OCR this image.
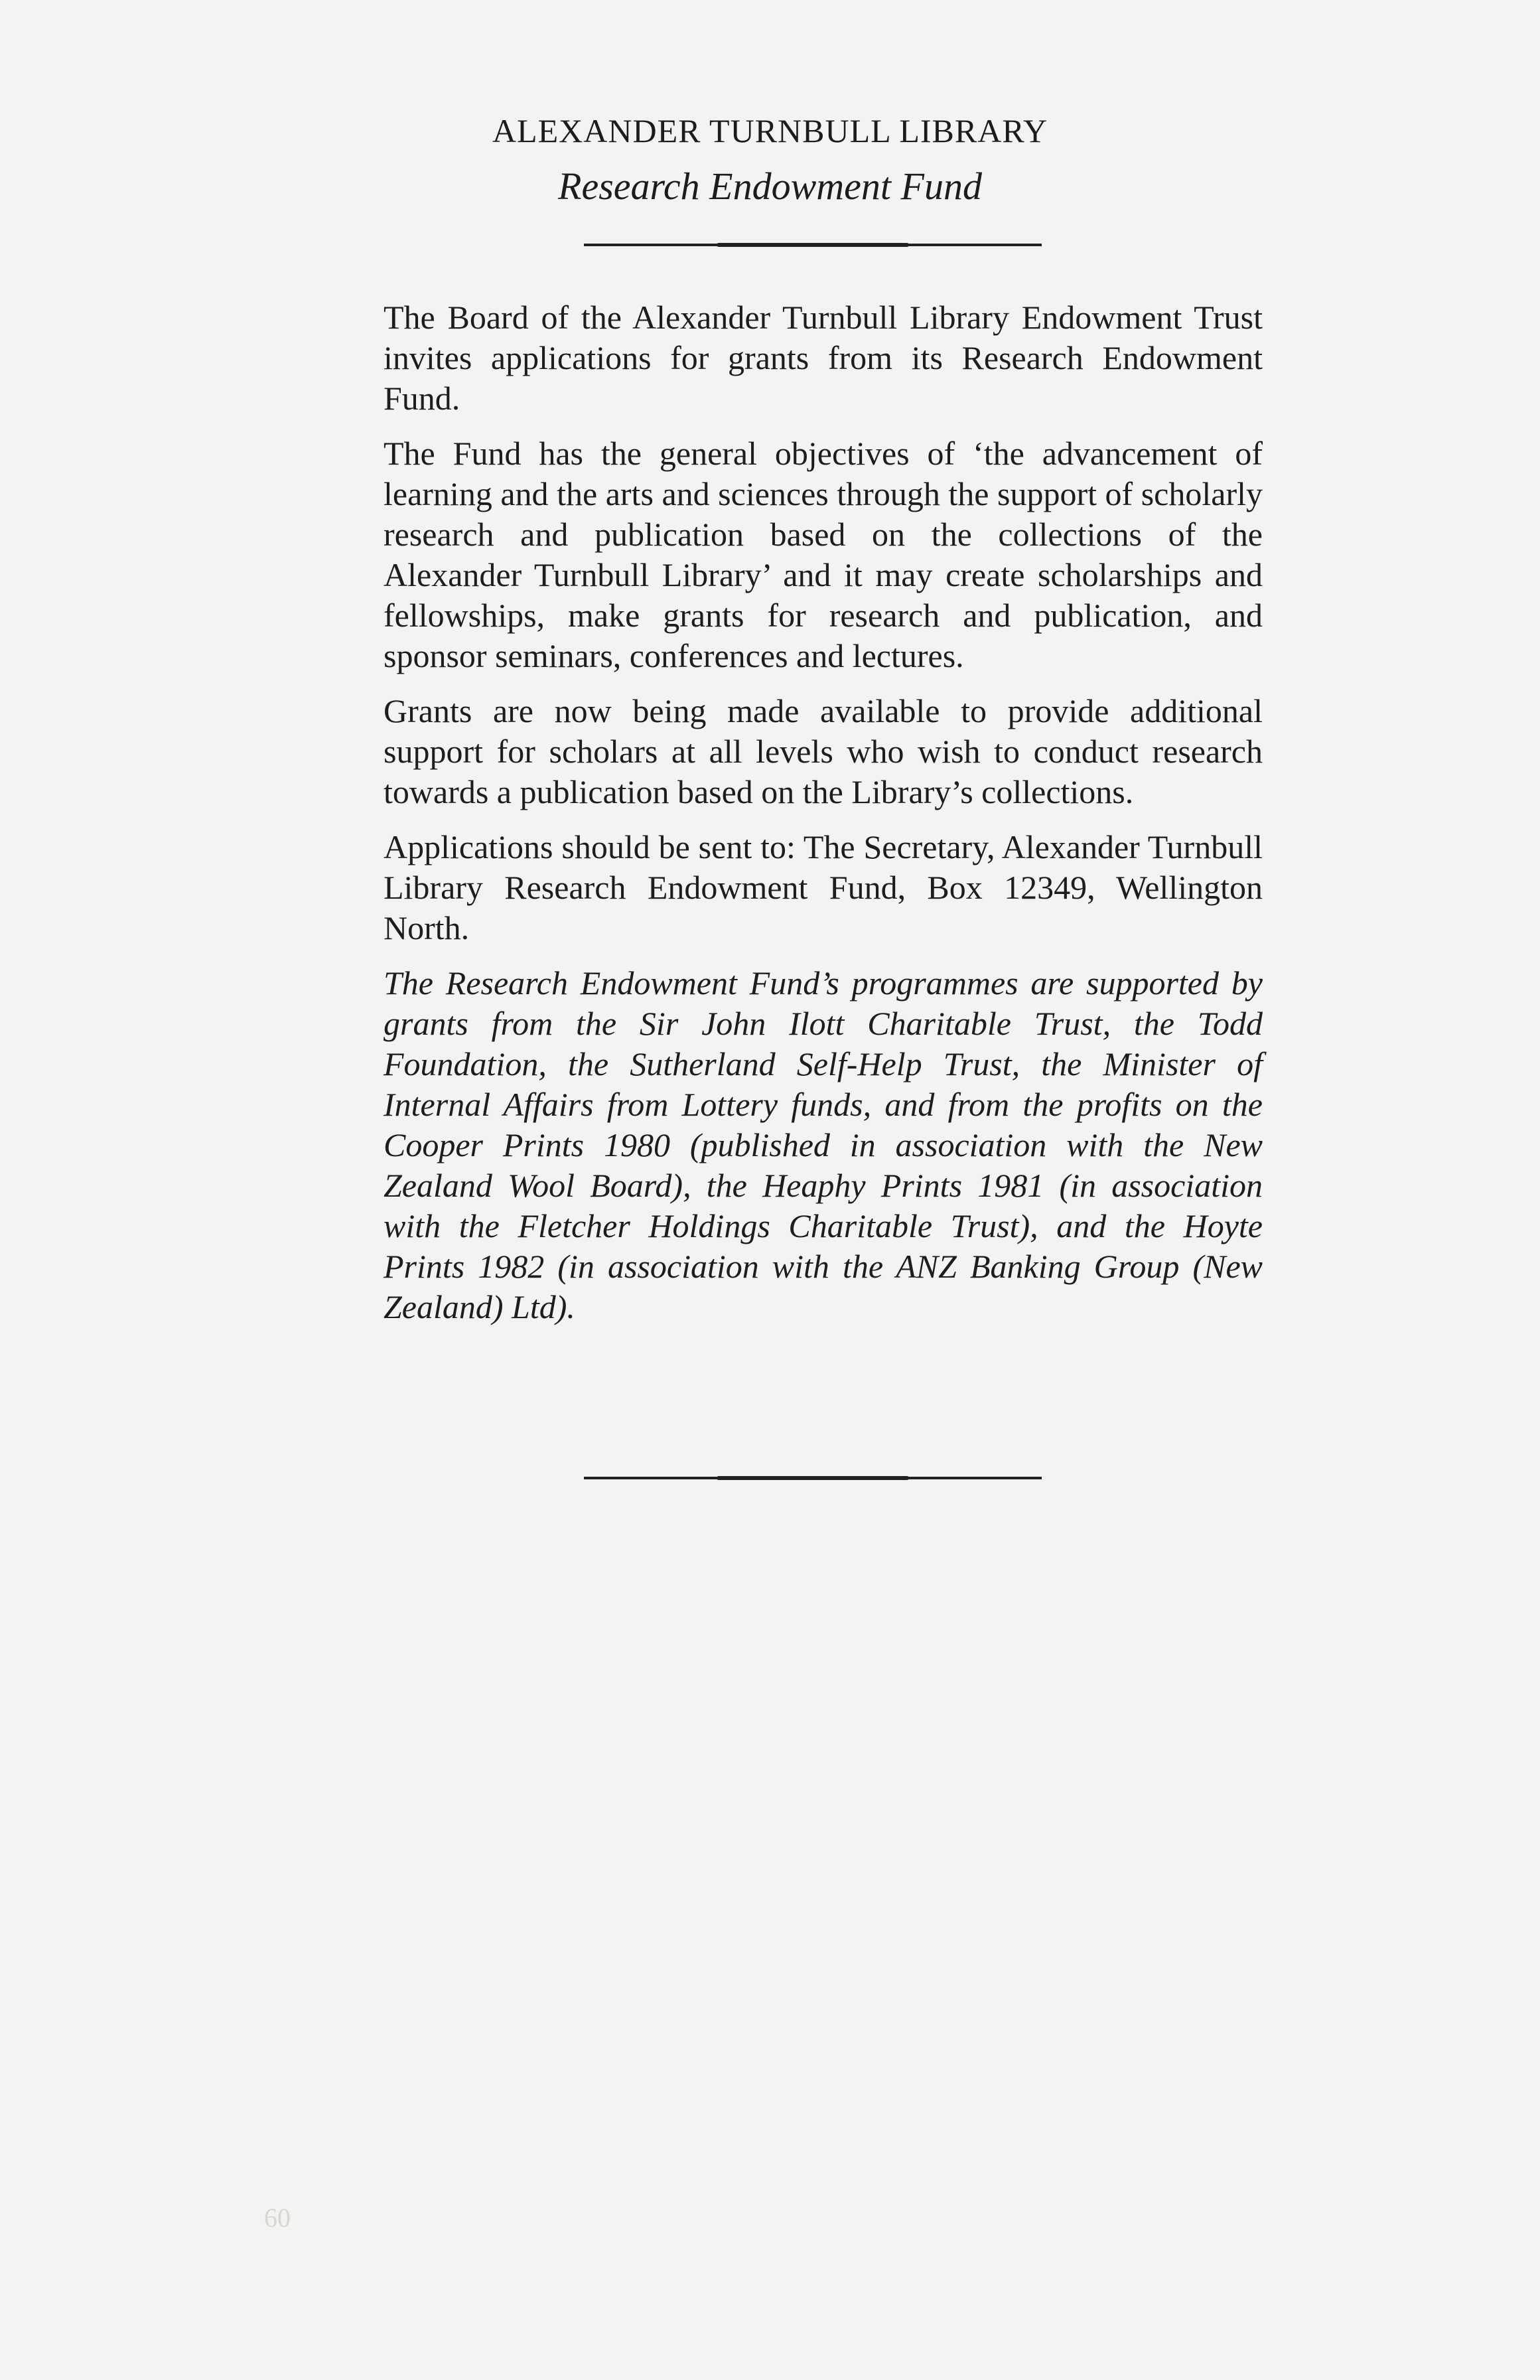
ALEXANDER TURNBULL LIBRARY
Research Endowment Fund

The Board of the Alexander Turnbull Library Endowment Trust invites applications for grants from its Research Endowment Fund.

The Fund has the general objectives of ‘the advancement of learning and the arts and sciences through the support of scholarly research and publication based on the collections of the Alexander Turnbull Library’ and it may create scholarships and fellowships, make grants for research and publication, and sponsor seminars, conferences and lectures.

Grants are now being made available to provide additional support for scholars at all levels who wish to conduct research towards a publication based on the Library’s collections.

Applications should be sent to: The Secretary, Alexander Turnbull Library Research Endowment Fund, Box 12349, Wellington North.

The Research Endowment Fund’s programmes are supported by grants from the Sir John Ilott Charitable Trust, the Todd Foundation, the Sutherland Self-Help Trust, the Minister of Internal Affairs from Lottery funds, and from the profits on the Cooper Prints 1980 (published in association with the New Zealand Wool Board), the Heaphy Prints 1981 (in association with the Fletcher Holdings Charitable Trust), and the Hoyte Prints 1982 (in association with the ANZ Banking Group (New Zealand) Ltd).

60
